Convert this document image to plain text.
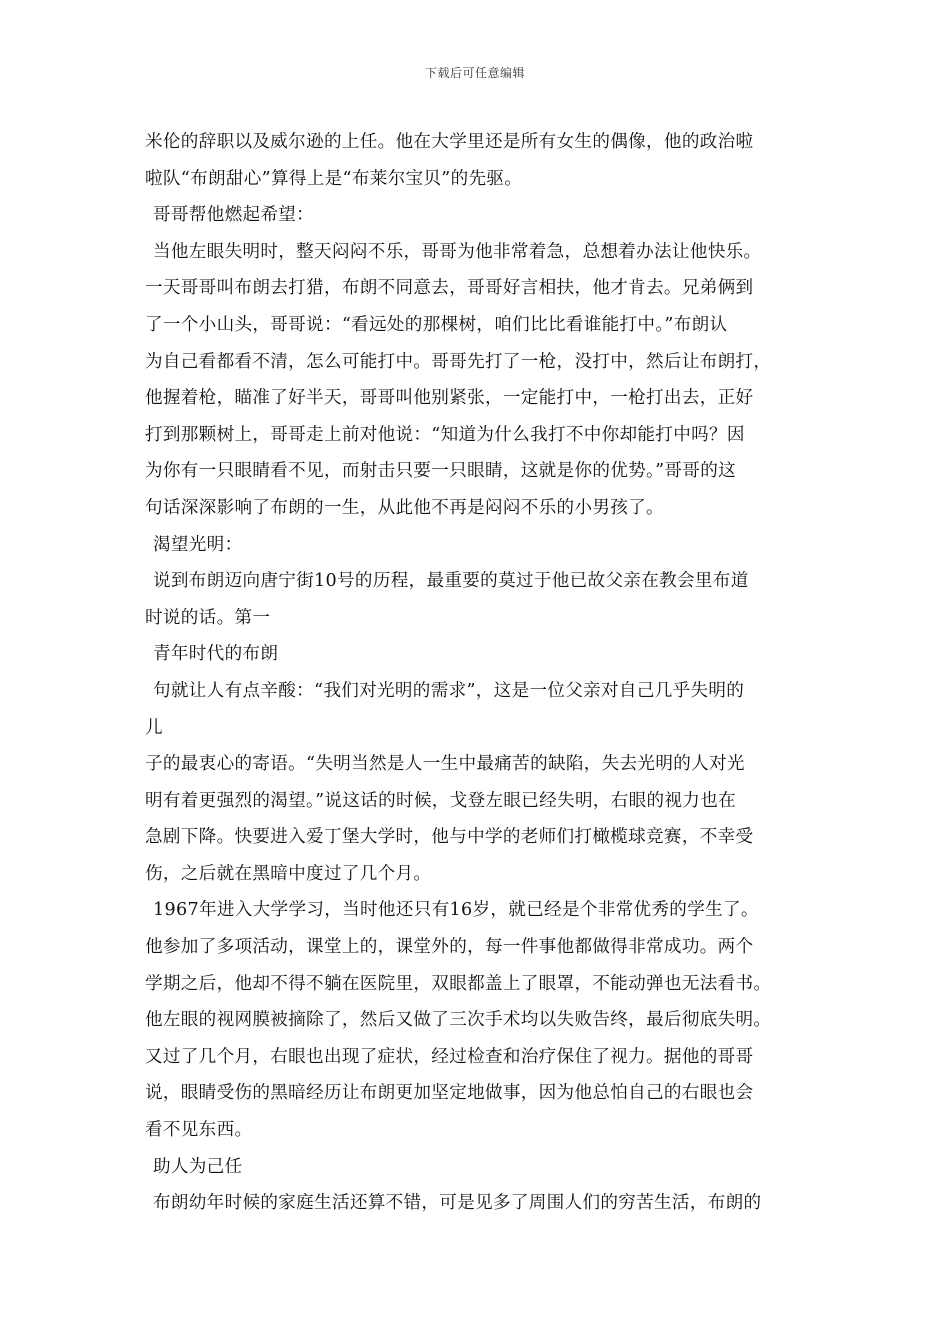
下载后可任意编辑
米伦的辞职以及威尔逊的上任。他在大学里还是所有女生的偶像，他的政治啦
啦队“布朗甜心”算得上是“布莱尔宝贝”的先驱。
哥哥帮他燃起希望：
当他左眼失明时，整天闷闷不乐，哥哥为他非常着急，总想着办法让他快乐。
一天哥哥叫布朗去打猎，布朗不同意去，哥哥好言相扶，他才肯去。兄弟俩到
了一个小山头，哥哥说：“看远处的那棵树，咱们比比看谁能打中。”布朗认
为自己看都看不清，怎么可能打中。哥哥先打了一枪，没打中，然后让布朗打，
他握着枪，瞄准了好半天，哥哥叫他别紧张，一定能打中，一枪打出去，正好
打到那颗树上，哥哥走上前对他说：“知道为什么我打不中你却能打中吗？因
为你有一只眼睛看不见，而射击只要一只眼睛，这就是你的优势。”哥哥的这
句话深深影响了布朗的一生，从此他不再是闷闷不乐的小男孩了。
渴望光明：
说到布朗迈向唐宁街10号的历程，最重要的莫过于他已故父亲在教会里布道
时说的话。第一
青年时代的布朗
句就让人有点辛酸：“我们对光明的需求”，这是一位父亲对自己几乎失明的
儿
子的最衷心的寄语。“失明当然是人一生中最痛苦的缺陷，失去光明的人对光
明有着更强烈的渴望。”说这话的时候，戈登左眼已经失明，右眼的视力也在
急剧下降。快要进入爱丁堡大学时，他与中学的老师们打橄榄球竞赛，不幸受
伤，之后就在黑暗中度过了几个月。
1967年进入大学学习，当时他还只有16岁，就已经是个非常优秀的学生了。
他参加了多项活动，课堂上的，课堂外的，每一件事他都做得非常成功。两个
学期之后，他却不得不躺在医院里，双眼都盖上了眼罩，不能动弹也无法看书。
他左眼的视网膜被摘除了，然后又做了三次手术均以失败告终，最后彻底失明。
又过了几个月，右眼也出现了症状，经过检查和治疗保住了视力。据他的哥哥
说，眼睛受伤的黑暗经历让布朗更加坚定地做事，因为他总怕自己的右眼也会
看不见东西。
助人为己任
布朗幼年时候的家庭生活还算不错，可是见多了周围人们的穷苦生活，布朗的
